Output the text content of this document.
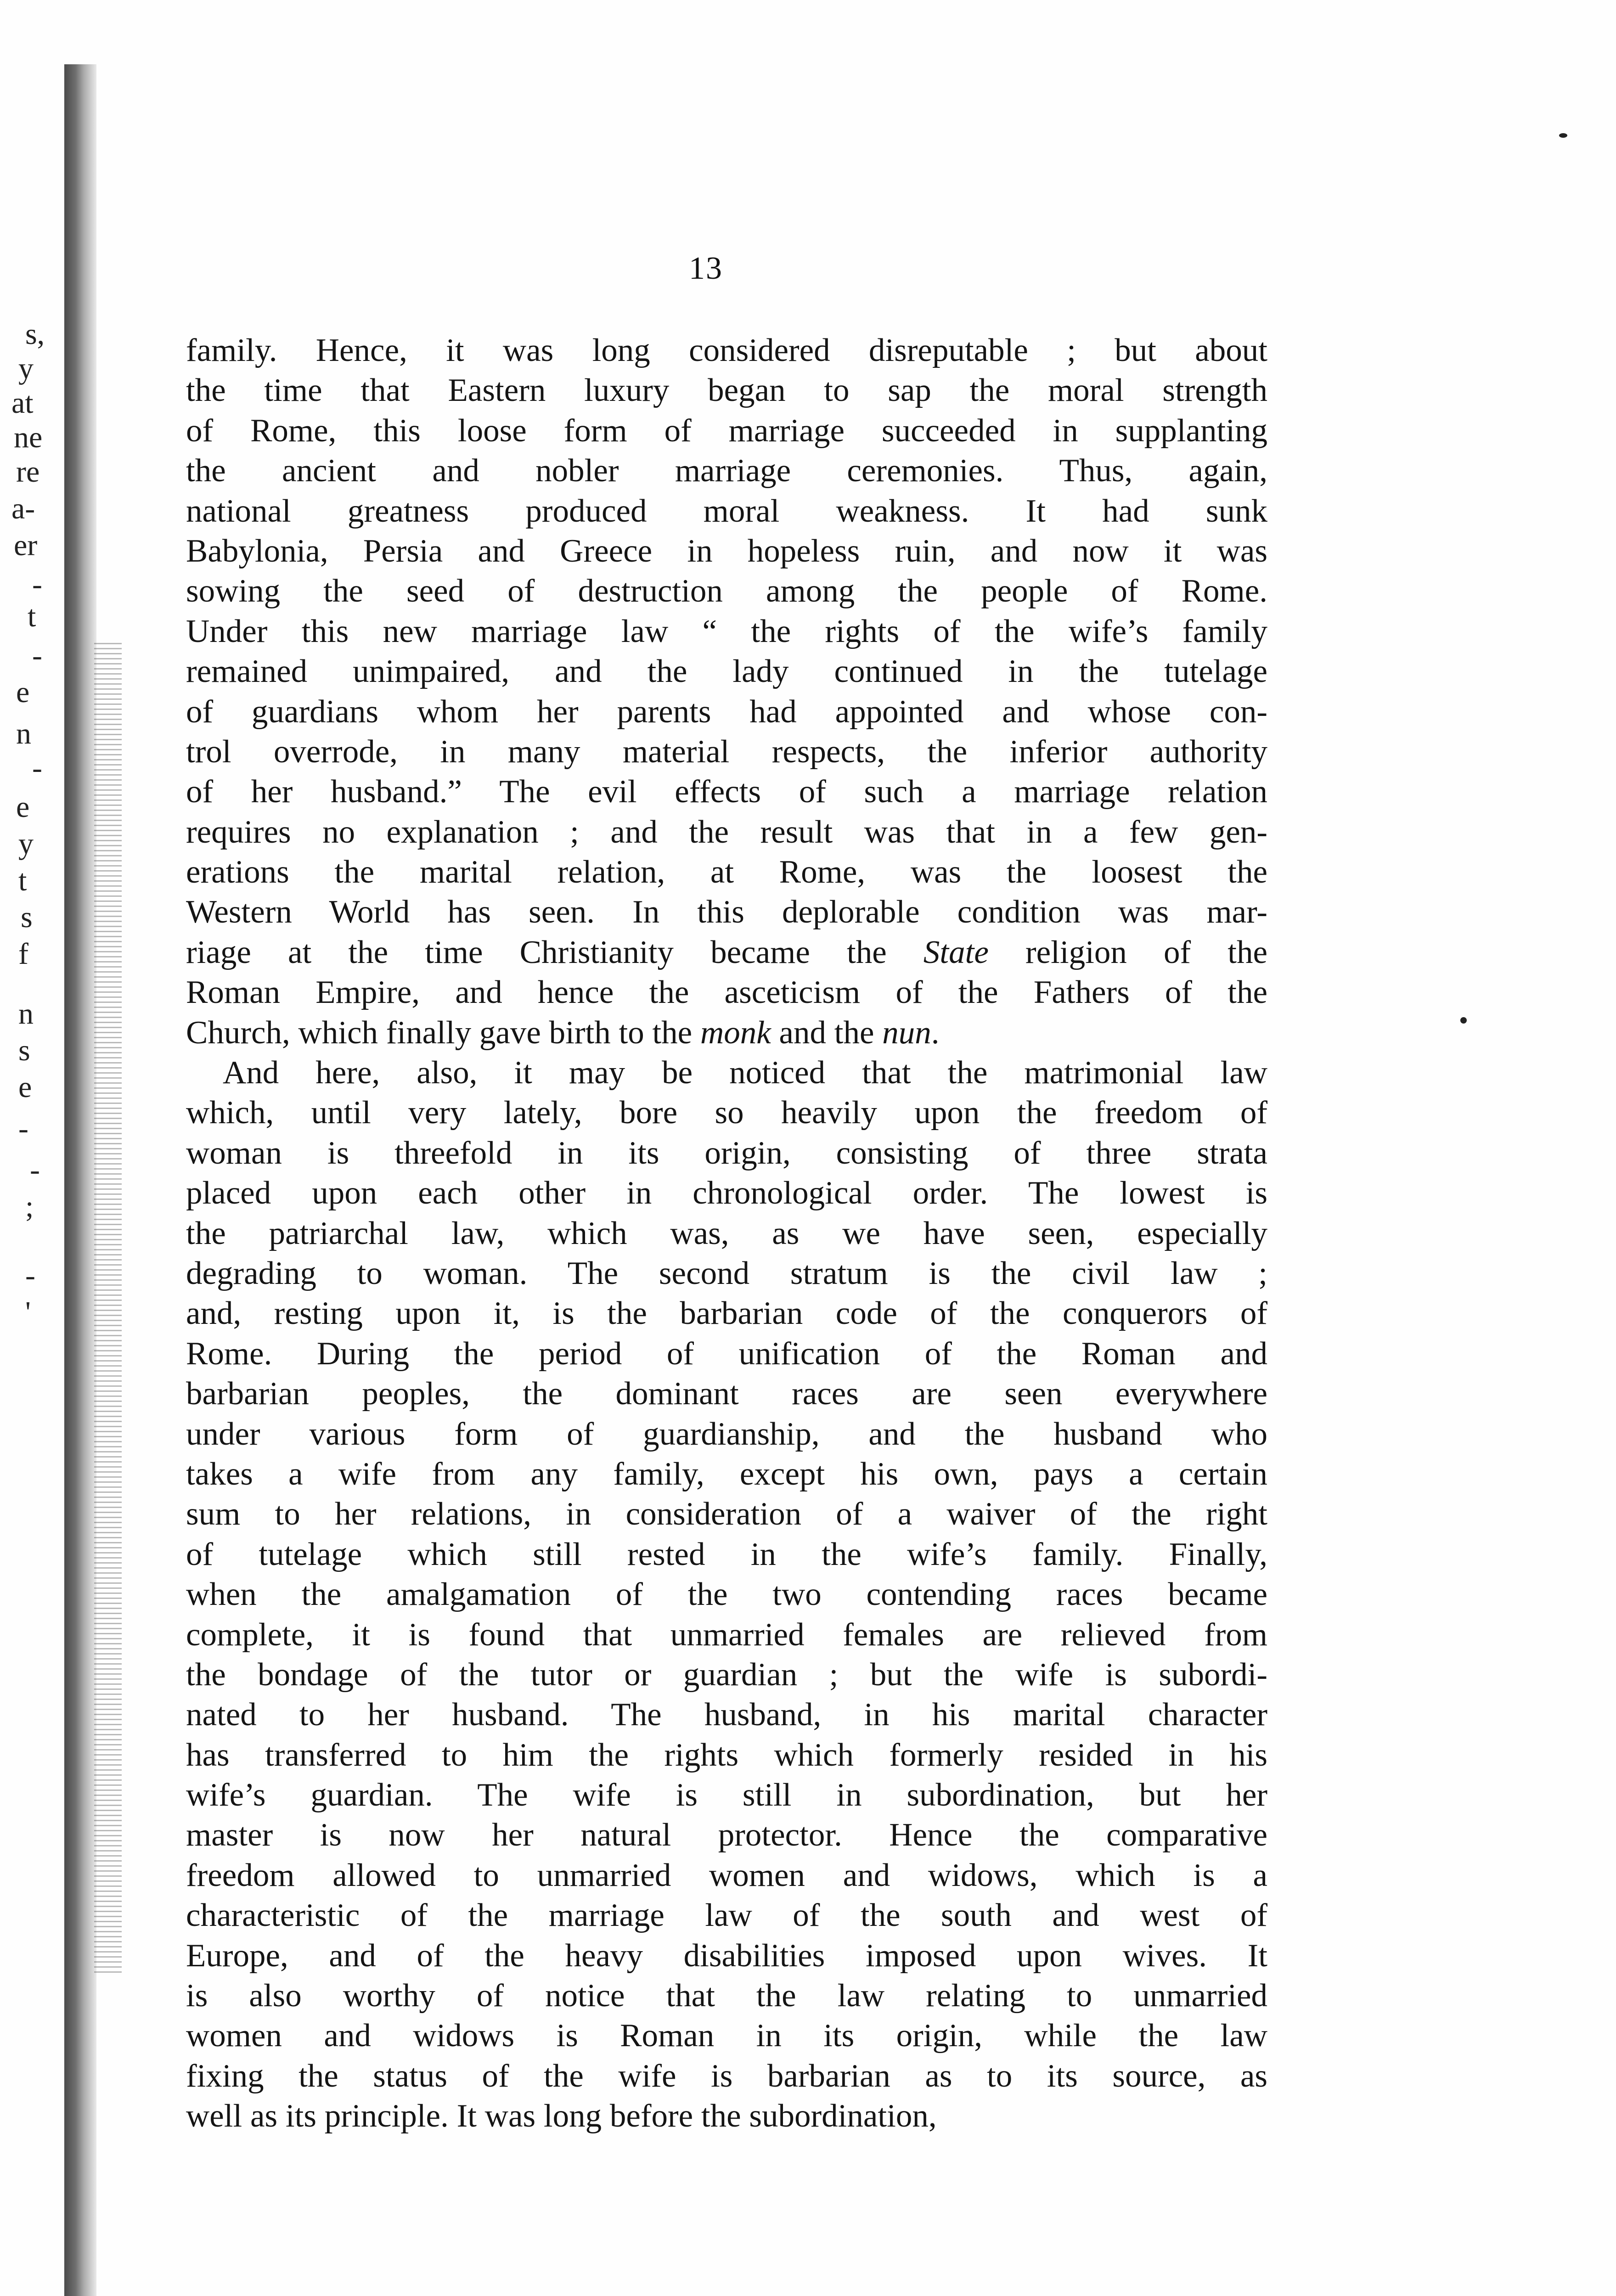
s,
y
at
ne
re
a-
er
-
t
-
e
n
-
e
y
t
s
f
n
s
e
-
-
;
-
'
13
family. Hence, it was long considered disreputable ; but about
the time that Eastern luxury began to sap the moral strength
of Rome, this loose form of marriage succeeded in supplanting
the ancient and nobler marriage ceremonies. Thus, again,
national greatness produced moral weakness. It had sunk
Babylonia, Persia and Greece in hopeless ruin, and now it was
sowing the seed of destruction among the people of Rome.
Under this new marriage law “ the rights of the wife’s family
remained unimpaired, and the lady continued in the tutelage
of guardians whom her parents had appointed and whose con-
trol overrode, in many material respects, the inferior authority
of her husband.” The evil effects of such a marriage relation
requires no explanation ; and the result was that in a few gen-
erations the marital relation, at Rome, was the loosest the
Western World has seen. In this deplorable condition was mar-
riage at the time Christianity became the State religion of the
Roman Empire, and hence the asceticism of the Fathers of the
Church, which finally gave birth to the monk and the nun.
And here, also, it may be noticed that the matrimonial law
which, until very lately, bore so heavily upon the freedom of
woman is threefold in its origin, consisting of three strata
placed upon each other in chronological order. The lowest is
the patriarchal law, which was, as we have seen, especially
degrading to woman. The second stratum is the civil law ;
and, resting upon it, is the barbarian code of the conquerors of
Rome. During the period of unification of the Roman and
barbarian peoples, the dominant races are seen everywhere
under various form of guardianship, and the husband who
takes a wife from any family, except his own, pays a certain
sum to her relations, in consideration of a waiver of the right
of tutelage which still rested in the wife’s family. Finally,
when the amalgamation of the two contending races became
complete, it is found that unmarried females are relieved from
the bondage of the tutor or guardian ; but the wife is subordi-
nated to her husband. The husband, in his marital character
has transferred to him the rights which formerly resided in his
wife’s guardian. The wife is still in subordination, but her
master is now her natural protector. Hence the comparative
freedom allowed to unmarried women and widows, which is a
characteristic of the marriage law of the south and west of
Europe, and of the heavy disabilities imposed upon wives. It
is also worthy of notice that the law relating to unmarried
women and widows is Roman in its origin, while the law
fixing the status of the wife is barbarian as to its source, as
well as its principle. It was long before the subordination,
